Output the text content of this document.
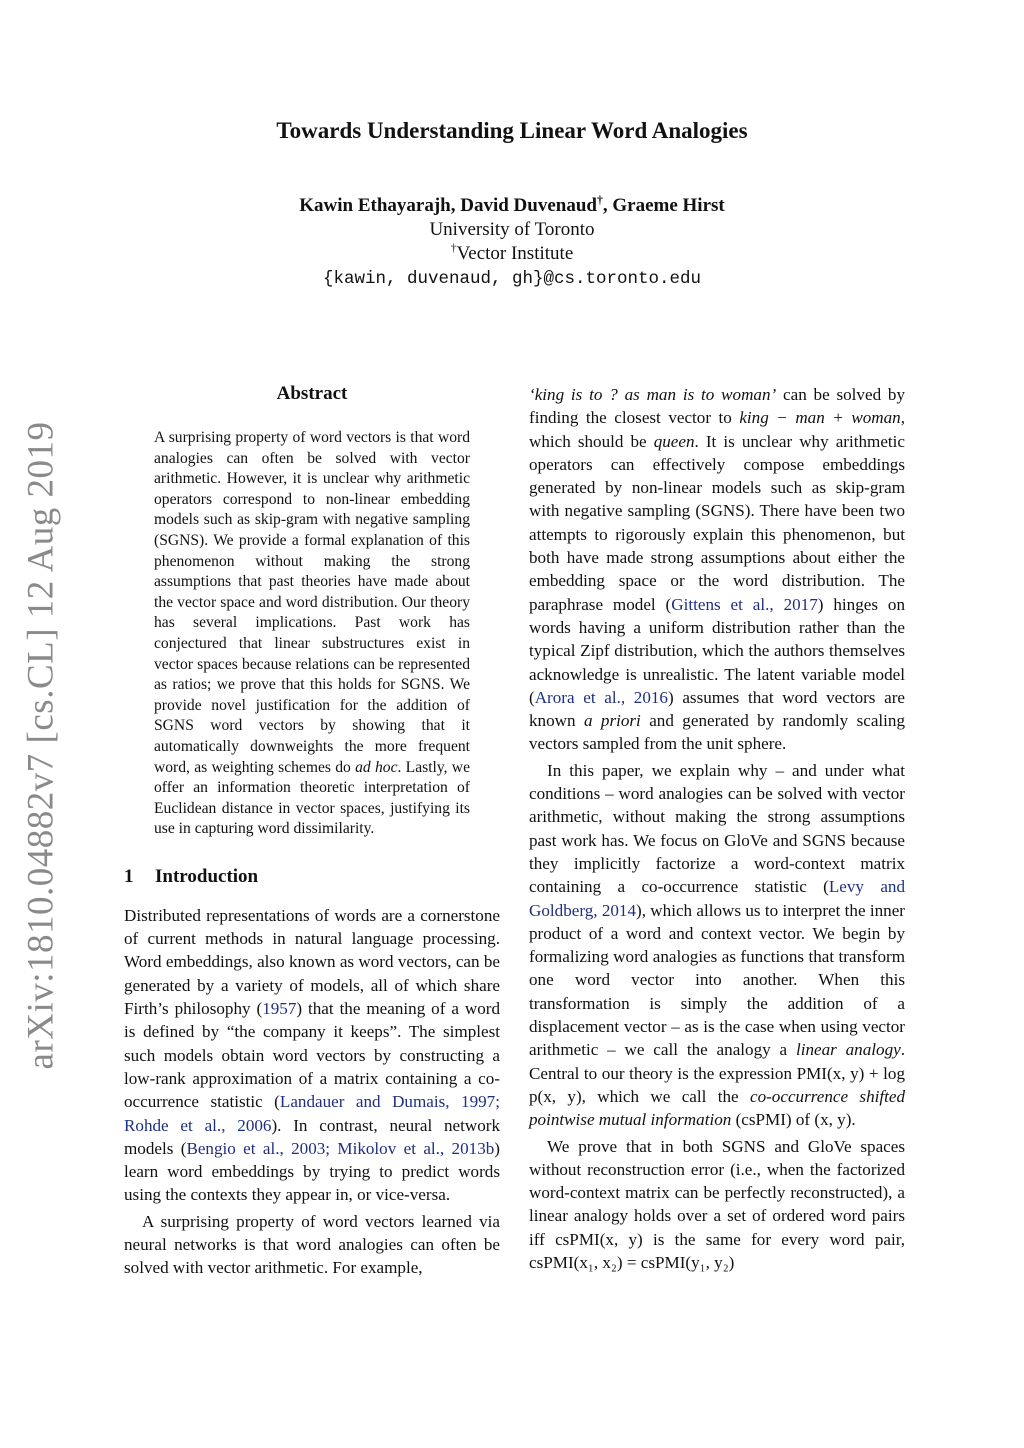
arXiv:1810.04882v7 [cs.CL] 12 Aug 2019
Towards Understanding Linear Word Analogies
Kawin Ethayarajh, David Duvenaud†, Graeme Hirst
University of Toronto
†Vector Institute
{kawin, duvenaud, gh}@cs.toronto.edu
Abstract

A surprising property of word vectors is that word analogies can often be solved with vector arithmetic. However, it is unclear why arithmetic operators correspond to non-linear embedding models such as skip-gram with negative sampling (SGNS). We provide a formal explanation of this phenomenon without making the strong assumptions that past theories have made about the vector space and word distribution. Our theory has several implications. Past work has conjectured that linear substructures exist in vector spaces because relations can be represented as ratios; we prove that this holds for SGNS. We provide novel justification for the addition of SGNS word vectors by showing that it automatically downweights the more frequent word, as weighting schemes do ad hoc. Lastly, we offer an information theoretic interpretation of Euclidean distance in vector spaces, justifying its use in capturing word dissimilarity.

1 Introduction

Distributed representations of words are a cornerstone of current methods in natural language processing. Word embeddings, also known as word vectors, can be generated by a variety of models, all of which share Firth’s philosophy (1957) that the meaning of a word is defined by “the company it keeps”. The simplest such models obtain word vectors by constructing a low-rank approximation of a matrix containing a co-occurrence statistic (Landauer and Dumais, 1997; Rohde et al., 2006). In contrast, neural network models (Bengio et al., 2003; Mikolov et al., 2013b) learn word embeddings by trying to predict words using the contexts they appear in, or vice-versa.

A surprising property of word vectors learned via neural networks is that word analogies can often be solved with vector arithmetic. For example,

‘king is to ? as man is to woman’ can be solved by finding the closest vector to king − man + woman, which should be queen. It is unclear why arithmetic operators can effectively compose embeddings generated by non-linear models such as skip-gram with negative sampling (SGNS). There have been two attempts to rigorously explain this phenomenon, but both have made strong assumptions about either the embedding space or the word distribution. The paraphrase model (Gittens et al., 2017) hinges on words having a uniform distribution rather than the typical Zipf distribution, which the authors themselves acknowledge is unrealistic. The latent variable model (Arora et al., 2016) assumes that word vectors are known a priori and generated by randomly scaling vectors sampled from the unit sphere.

In this paper, we explain why – and under what conditions – word analogies can be solved with vector arithmetic, without making the strong assumptions past work has. We focus on GloVe and SGNS because they implicitly factorize a word-context matrix containing a co-occurrence statistic (Levy and Goldberg, 2014), which allows us to interpret the inner product of a word and context vector. We begin by formalizing word analogies as functions that transform one word vector into another. When this transformation is simply the addition of a displacement vector – as is the case when using vector arithmetic – we call the analogy a linear analogy. Central to our theory is the expression PMI(x, y) + log p(x, y), which we call the co-occurrence shifted pointwise mutual information (csPMI) of (x, y).

We prove that in both SGNS and GloVe spaces without reconstruction error (i.e., when the factorized word-context matrix can be perfectly reconstructed), a linear analogy holds over a set of ordered word pairs iff csPMI(x, y) is the same for every word pair, csPMI(x₁, x₂) = csPMI(y₁, y₂)
